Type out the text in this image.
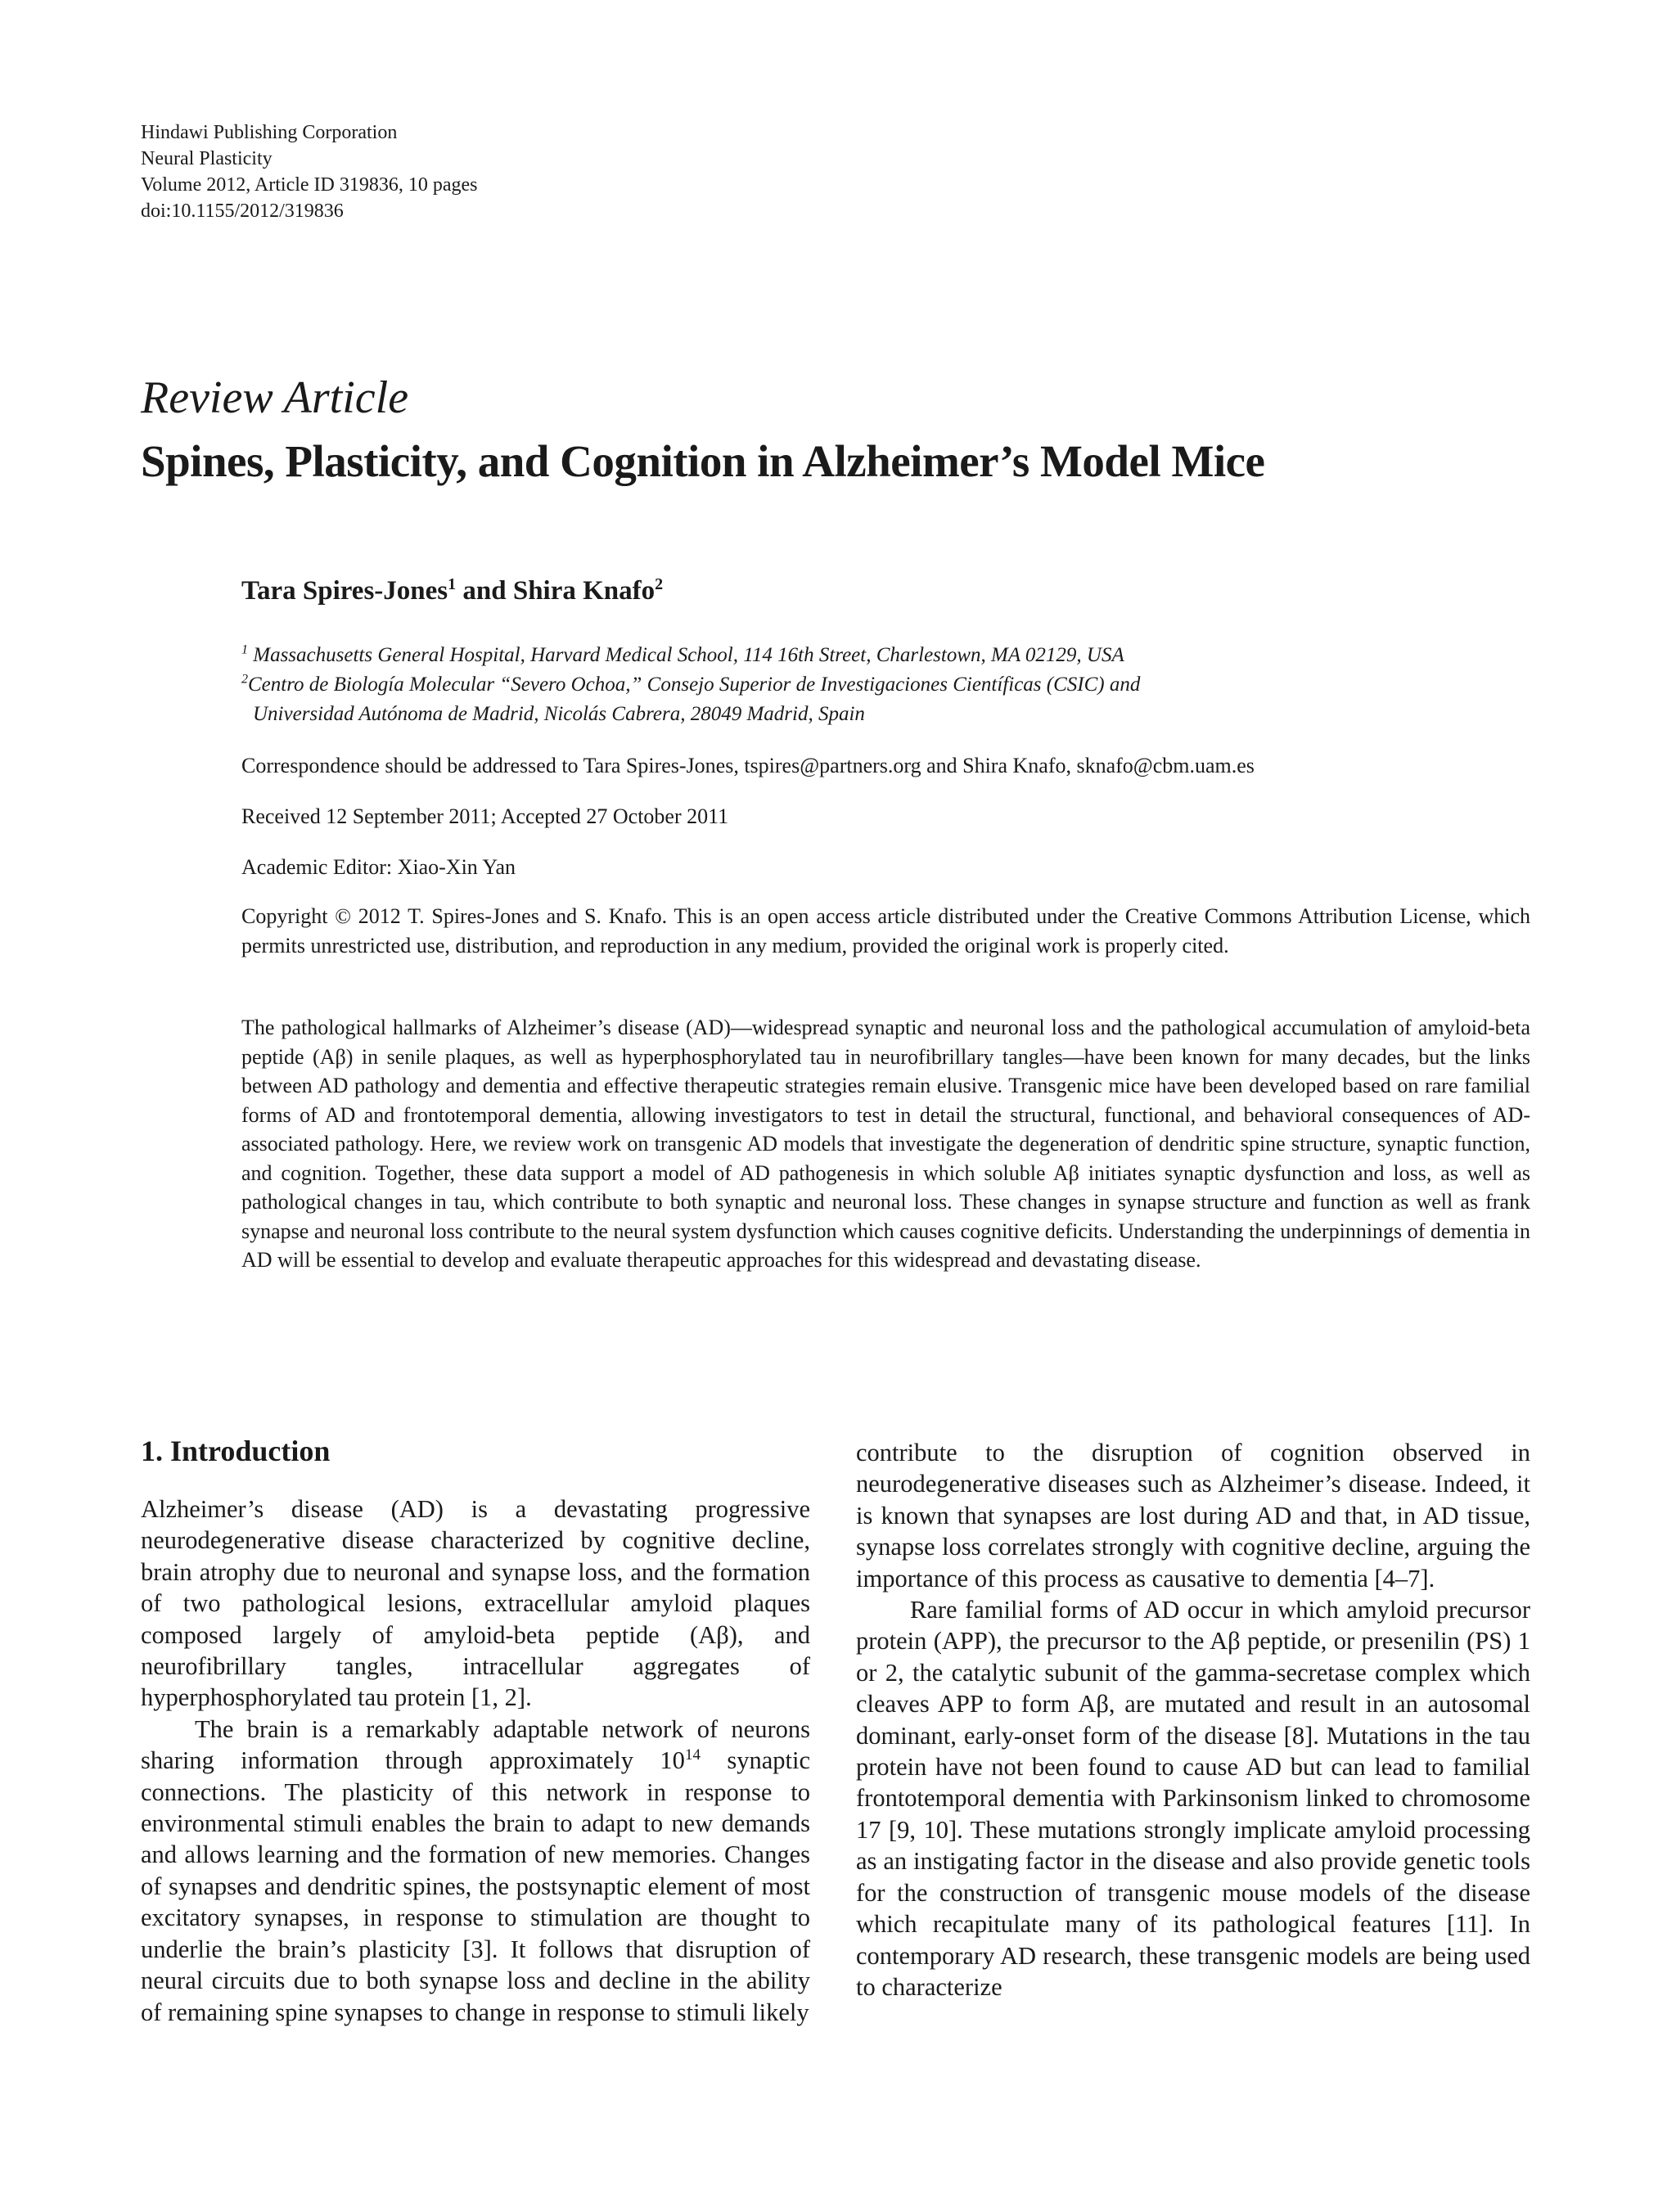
Hindawi Publishing Corporation
Neural Plasticity
Volume 2012, Article ID 319836, 10 pages
doi:10.1155/2012/319836
Review Article
Spines, Plasticity, and Cognition in Alzheimer’s Model Mice
Tara Spires-Jones$^1$ and Shira Knafo$^2$
$^1$ Massachusetts General Hospital, Harvard Medical School, 114 16th Street, Charlestown, MA 02129, USA
$^2$Centro de Biología Molecular “Severo Ochoa,” Consejo Superior de Investigaciones Científicas (CSIC) and
Universidad Autónoma de Madrid, Nicolás Cabrera, 28049 Madrid, Spain
Correspondence should be addressed to Tara Spires-Jones, tspires@partners.org and Shira Knafo, sknafo@cbm.uam.es
Received 12 September 2011; Accepted 27 October 2011
Academic Editor: Xiao-Xin Yan
Copyright © 2012 T. Spires-Jones and S. Knafo. This is an open access article distributed under the Creative Commons Attribution License, which permits unrestricted use, distribution, and reproduction in any medium, provided the original work is properly cited.
The pathological hallmarks of Alzheimer’s disease (AD)—widespread synaptic and neuronal loss and the pathological accumulation of amyloid-beta peptide (Aβ) in senile plaques, as well as hyperphosphorylated tau in neurofibrillary tangles—have been known for many decades, but the links between AD pathology and dementia and effective therapeutic strategies remain elusive. Transgenic mice have been developed based on rare familial forms of AD and frontotemporal dementia, allowing investigators to test in detail the structural, functional, and behavioral consequences of AD-associated pathology. Here, we review work on transgenic AD models that investigate the degeneration of dendritic spine structure, synaptic function, and cognition. Together, these data support a model of AD pathogenesis in which soluble Aβ initiates synaptic dysfunction and loss, as well as pathological changes in tau, which contribute to both synaptic and neuronal loss. These changes in synapse structure and function as well as frank synapse and neuronal loss contribute to the neural system dysfunction which causes cognitive deficits. Understanding the underpinnings of dementia in AD will be essential to develop and evaluate therapeutic approaches for this widespread and devastating disease.
1. Introduction

Alzheimer’s disease (AD) is a devastating progressive neurodegenerative disease characterized by cognitive decline, brain atrophy due to neuronal and synapse loss, and the formation of two pathological lesions, extracellular amyloid plaques composed largely of amyloid-beta peptide (Aβ), and neurofibrillary tangles, intracellular aggregates of hyperphosphorylated tau protein [1, 2].

The brain is a remarkably adaptable network of neurons sharing information through approximately $10^{14}$ synaptic connections. The plasticity of this network in response to environmental stimuli enables the brain to adapt to new demands and allows learning and the formation of new memories. Changes of synapses and dendritic spines, the postsynaptic element of most excitatory synapses, in response to stimulation are thought to underlie the brain’s plasticity [3]. It follows that disruption of neural circuits due to both synapse loss and decline in the ability of remaining spine synapses to change in response to stimuli likely

contribute to the disruption of cognition observed in neurodegenerative diseases such as Alzheimer’s disease. Indeed, it is known that synapses are lost during AD and that, in AD tissue, synapse loss correlates strongly with cognitive decline, arguing the importance of this process as causative to dementia [4–7].

Rare familial forms of AD occur in which amyloid precursor protein (APP), the precursor to the Aβ peptide, or presenilin (PS) 1 or 2, the catalytic subunit of the gamma-secretase complex which cleaves APP to form Aβ, are mutated and result in an autosomal dominant, early-onset form of the disease [8]. Mutations in the tau protein have not been found to cause AD but can lead to familial frontotemporal dementia with Parkinsonism linked to chromosome 17 [9, 10]. These mutations strongly implicate amyloid processing as an instigating factor in the disease and also provide genetic tools for the construction of transgenic mouse models of the disease which recapitulate many of its pathological features [11]. In contemporary AD research, these transgenic models are being used to characterize
